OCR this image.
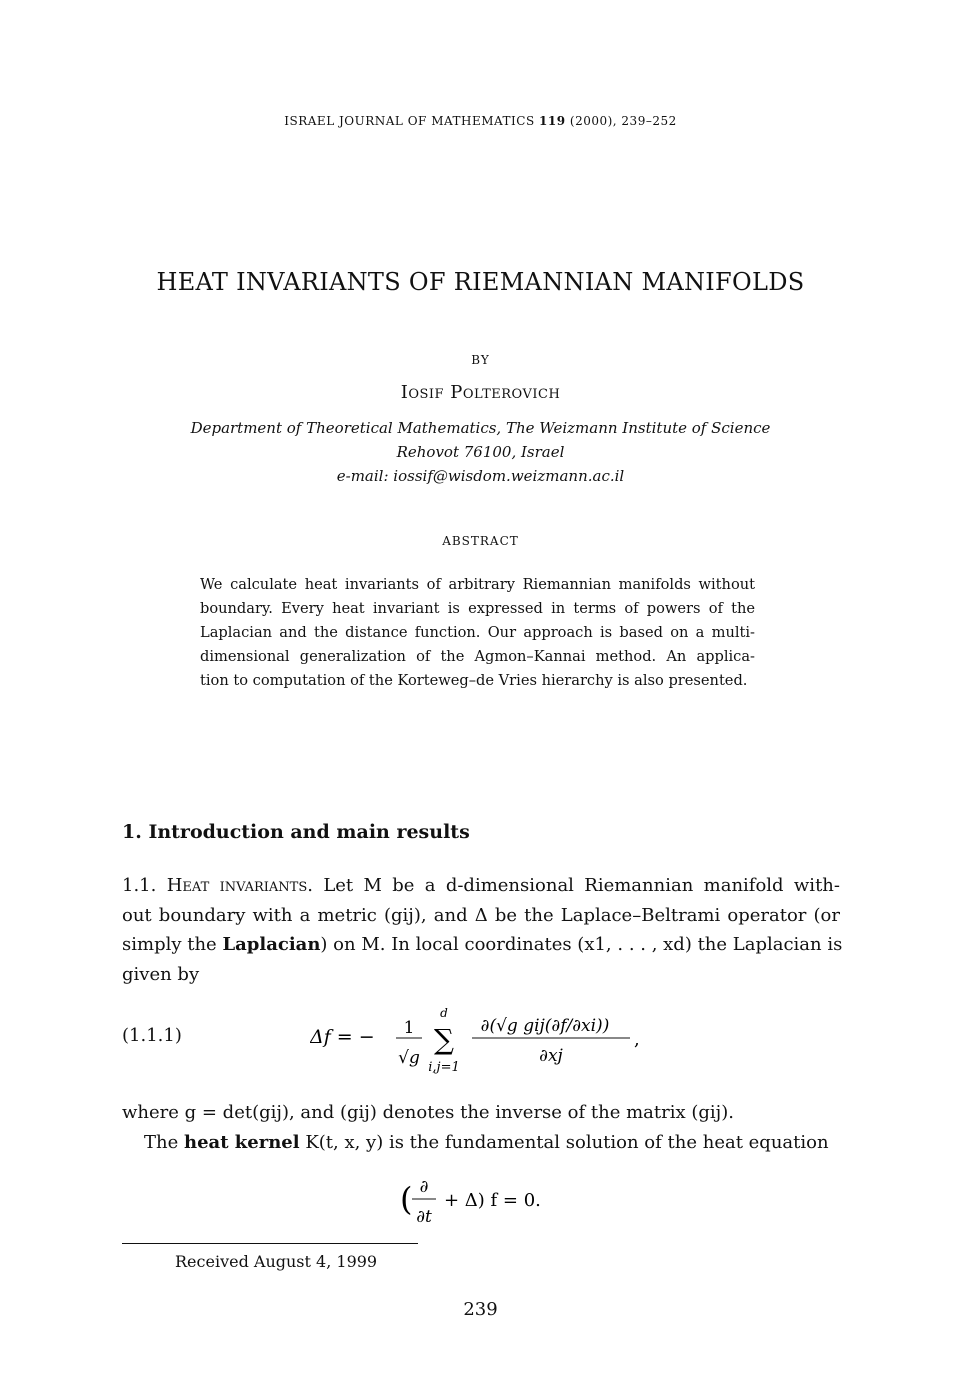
ISRAEL JOURNAL OF MATHEMATICS 119 (2000), 239–252
HEAT INVARIANTS OF RIEMANNIAN MANIFOLDS
BY
Iosif Polterovich
Department of Theoretical Mathematics, The Weizmann Institute of Science
Rehovot 76100, Israel
e-mail: iossif@wisdom.weizmann.ac.il
ABSTRACT
We calculate heat invariants of arbitrary Riemannian manifolds without
boundary. Every heat invariant is expressed in terms of powers of the
Laplacian and the distance function. Our approach is based on a multi-
dimensional generalization of the Agmon–Kannai method. An applica-
tion to computation of the Korteweg–de Vries hierarchy is also presented.
1. Introduction and main results
1.1. Heat invariants. Let M be a d-dimensional Riemannian manifold with-
out boundary with a metric (gij), and Δ be the Laplace–Beltrami operator (or
simply the Laplacian) on M. In local coordinates (x1, . . . , xd) the Laplacian is
given by
(1.1.1)	Δf = − 1
√g
d
∑
i,j=1
∂(√g gij(∂f/∂xi))
∂xj
,
where g = det(gij), and (gij) denotes the inverse of the matrix (gij).
The heat kernel K(t, x, y) is the fundamental solution of the heat equation
( ∂
∂t
+ Δ) f = 0.
Received August 4, 1999
239
